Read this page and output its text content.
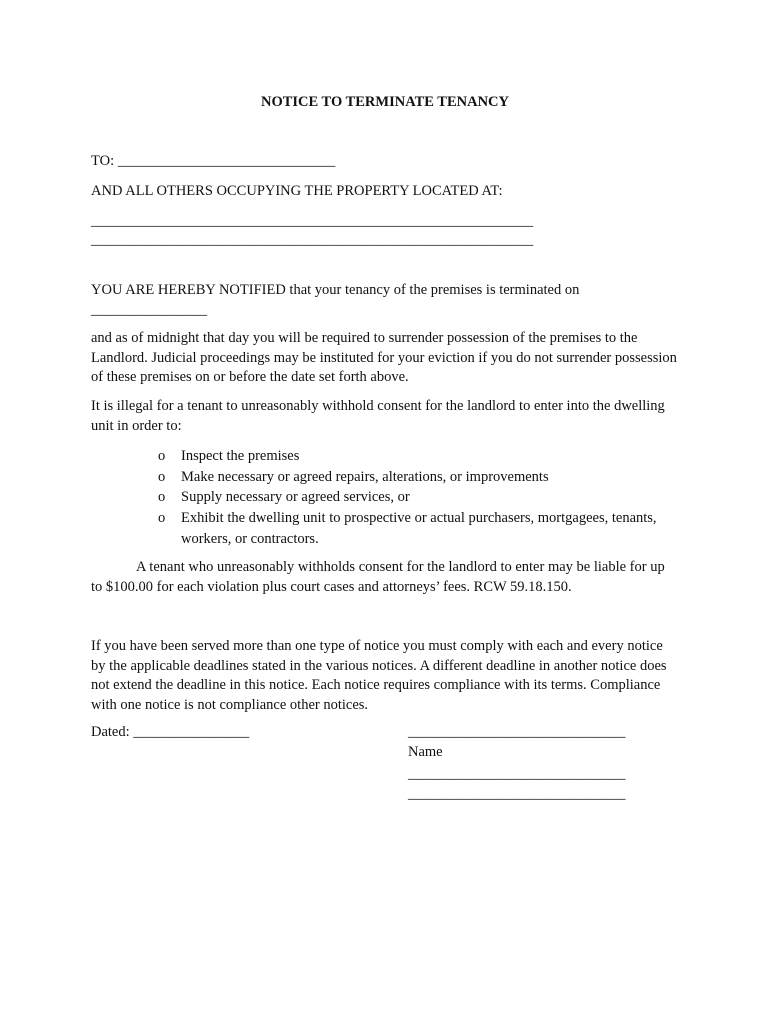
NOTICE TO TERMINATE TENANCY
TO: ______________________________
AND ALL OTHERS OCCUPYING THE PROPERTY LOCATED AT:
_____________________________________________________________
_____________________________________________________________
YOU ARE HEREBY NOTIFIED that your tenancy of the premises is terminated on
________________
and as of midnight that day you will be required to surrender possession of the premises to the Landlord. Judicial proceedings may be instituted for your eviction if you do not surrender possession of these premises on or before the date set forth above.
It is illegal for a tenant to unreasonably withhold consent for the landlord to enter into the dwelling unit in order to:
o Inspect the premises
o Make necessary or agreed repairs, alterations, or improvements
o Supply necessary or agreed services, or
o Exhibit the dwelling unit to prospective or actual purchasers, mortgagees, tenants, workers, or contractors.
A tenant who unreasonably withholds consent for the landlord to enter may be liable for up to $100.00 for each violation plus court cases and attorneys’ fees. RCW 59.18.150.
If you have been served more than one type of notice you must comply with each and every notice by the applicable deadlines stated in the various notices. A different deadline in another notice does not extend the deadline in this notice. Each notice requires compliance with its terms. Compliance with one notice is not compliance other notices.
Dated: ________________	______________________________
Name
______________________________
______________________________
